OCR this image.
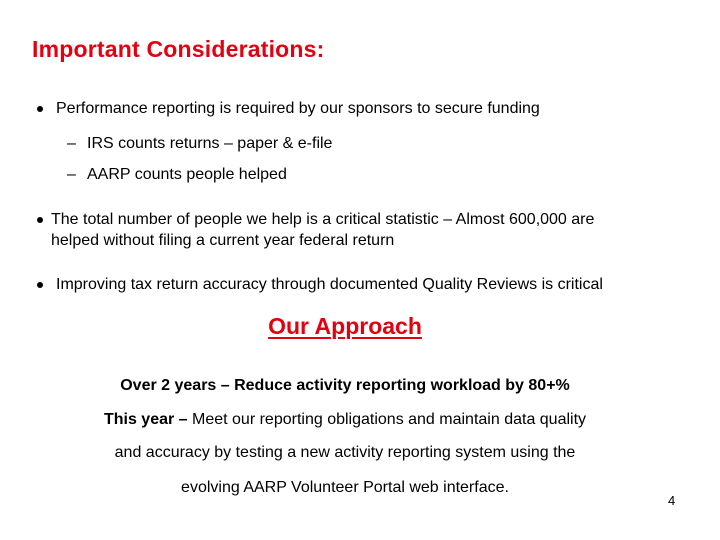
Important Considerations:
Performance reporting is required by our sponsors to secure funding
– IRS counts returns – paper & e-file
– AARP counts people helped
The total number of people we help is a critical statistic – Almost 600,000 are
helped without filing a current year federal return
Improving tax return accuracy through documented Quality Reviews is critical
Our Approach
Over 2 years – Reduce activity reporting workload by 80+%
This year – Meet our reporting obligations and maintain data quality
and accuracy by testing a new activity reporting system using the
evolving AARP Volunteer Portal web interface.
4
